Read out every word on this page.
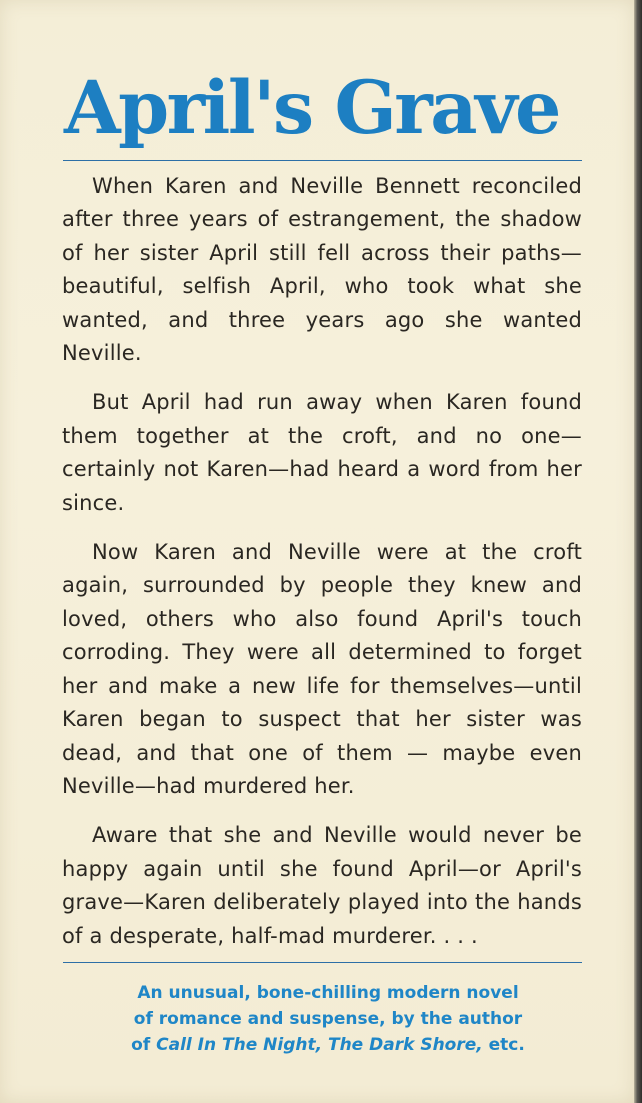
April's Grave

When Karen and Neville Bennett reconciled after three years of estrangement, the shadow of her sister April still fell across their paths—beautiful, selfish April, who took what she wanted, and three years ago she wanted Neville.

But April had run away when Karen found them together at the croft, and no one—certainly not Karen—had heard a word from her since.

Now Karen and Neville were at the croft again, surrounded by people they knew and loved, others who also found April's touch corroding. They were all determined to forget her and make a new life for themselves—until Karen began to suspect that her sister was dead, and that one of them — maybe even Neville—had murdered her.

Aware that she and Neville would never be happy again until she found April—or April's grave—Karen deliberately played into the hands of a desperate, half-mad murderer. . . .

An unusual, bone-chilling modern novel
of romance and suspense, by the author
of Call In The Night, The Dark Shore, etc.
